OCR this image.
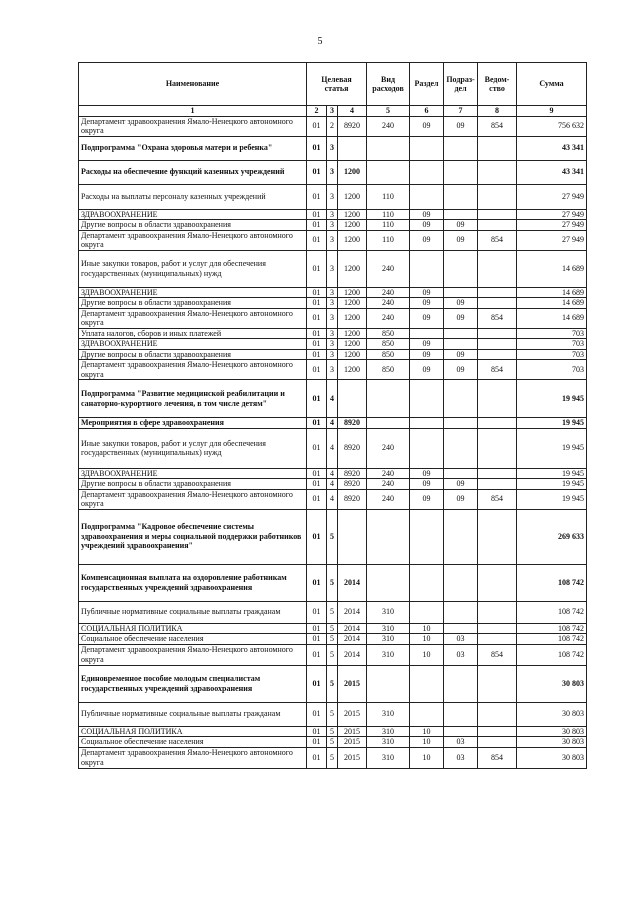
5
Наименование	Целевая статья			Вид расходов	Раздел	Подраз-дел	Ведом-ство	Сумма
1	2	3	4	5	6	7	8	9
Департамент здравоохранения Ямало-Ненецкого автономного округа	01	2	8920	240	09	09	854	756 632
Подпрограмма "Охрана здоровья матери и ребенка"	01	3						43 341
Расходы на обеспечение функций казенных учреждений	01	3	1200					43 341
Расходы на выплаты персоналу казенных учреждений	01	3	1200	110				27 949
ЗДРАВООХРАНЕНИЕ	01	3	1200	110	09			27 949
Другие вопросы в области здравоохранения	01	3	1200	110	09	09		27 949
Департамент здравоохранения Ямало-Ненецкого автономного округа	01	3	1200	110	09	09	854	27 949
Иные закупки товаров, работ и услуг для обеспечения государственных (муниципальных) нужд	01	3	1200	240				14 689
ЗДРАВООХРАНЕНИЕ	01	3	1200	240	09			14 689
Другие вопросы в области здравоохранения	01	3	1200	240	09	09		14 689
Департамент здравоохранения Ямало-Ненецкого автономного округа	01	3	1200	240	09	09	854	14 689
Уплата налогов, сборов и иных платежей	01	3	1200	850				703
ЗДРАВООХРАНЕНИЕ	01	3	1200	850	09			703
Другие вопросы в области здравоохранения	01	3	1200	850	09	09		703
Департамент здравоохранения Ямало-Ненецкого автономного округа	01	3	1200	850	09	09	854	703
Подпрограмма "Развитие медицинской реабилитации и санаторно-курортного лечения, в том числе детям"	01	4						19 945
Мероприятия в сфере здравоохранения	01	4	8920					19 945
Иные закупки товаров, работ и услуг для обеспечения государственных (муниципальных) нужд	01	4	8920	240				19 945
ЗДРАВООХРАНЕНИЕ	01	4	8920	240	09			19 945
Другие вопросы в области здравоохранения	01	4	8920	240	09	09		19 945
Департамент здравоохранения Ямало-Ненецкого автономного округа	01	4	8920	240	09	09	854	19 945
Подпрограмма "Кадровое обеспечение системы здравоохранения и меры социальной поддержки работников учреждений здравоохранения"	01	5						269 633
Компенсационная выплата на оздоровление работникам государственных учреждений здравоохранения	01	5	2014					108 742
Публичные нормативные социальные выплаты гражданам	01	5	2014	310				108 742
СОЦИАЛЬНАЯ ПОЛИТИКА	01	5	2014	310	10			108 742
Социальное обеспечение населения	01	5	2014	310	10	03		108 742
Департамент здравоохранения Ямало-Ненецкого автономного округа	01	5	2014	310	10	03	854	108 742
Единовременное пособие молодым специалистам государственных учреждений здравоохранения	01	5	2015					30 803
Публичные нормативные социальные выплаты гражданам	01	5	2015	310				30 803
СОЦИАЛЬНАЯ ПОЛИТИКА	01	5	2015	310	10			30 803
Социальное обеспечение населения	01	5	2015	310	10	03		30 803
Департамент здравоохранения Ямало-Ненецкого автономного округа	01	5	2015	310	10	03	854	30 803
